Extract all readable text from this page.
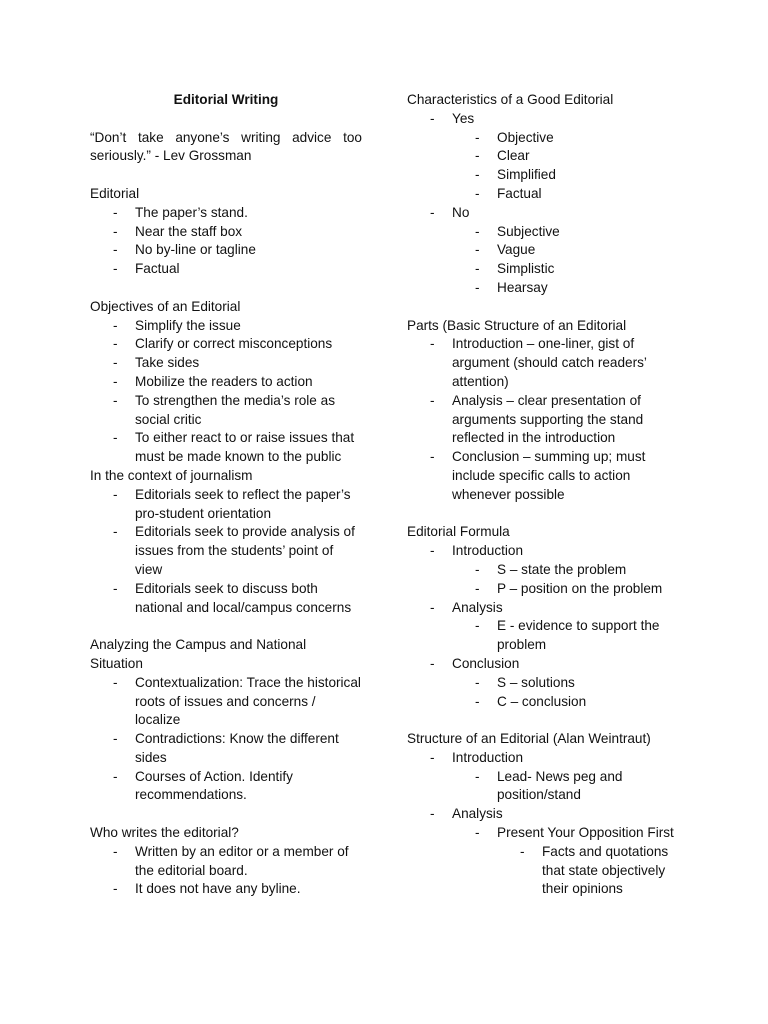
Editorial Writing

“Don’t take anyone’s writing advice too seriously.” - Lev Grossman

Editorial

- The paper’s stand.
- Near the staff box
- No by-line or tagline
- Factual

Objectives of an Editorial

- Simplify the issue
- Clarify or correct misconceptions
- Take sides
- Mobilize the readers to action
- To strengthen the media’s role as social critic
- To either react to or raise issues that must be made known to the public

In the context of journalism

- Editorials seek to reflect the paper’s pro-student orientation
- Editorials seek to provide analysis of issues from the students’ point of view
- Editorials seek to discuss both national and local/campus concerns

Analyzing the Campus and National Situation

- Contextualization: Trace the historical roots of issues and concerns / localize
- Contradictions: Know the different sides
- Courses of Action. Identify recommendations.

Who writes the editorial?

- Written by an editor or a member of the editorial board.
- It does not have any byline.

Characteristics of a Good Editorial

- Yes
- Objective
- Clear
- Simplified
- Factual
- No
- Subjective
- Vague
- Simplistic
- Hearsay

Parts (Basic Structure of an Editorial

- Introduction – one-liner, gist of argument (should catch readers’ attention)
- Analysis – clear presentation of arguments supporting the stand reflected in the introduction
- Conclusion – summing up; must include specific calls to action whenever possible

Editorial Formula

- Introduction
- S – state the problem
- P – position on the problem
- Analysis
- E - evidence to support the problem
- Conclusion
- S – solutions
- C – conclusion

Structure of an Editorial (Alan Weintraut)

- Introduction
- Lead- News peg and position/stand
- Analysis
- Present Your Opposition First
- Facts and quotations that state objectively their opinions
